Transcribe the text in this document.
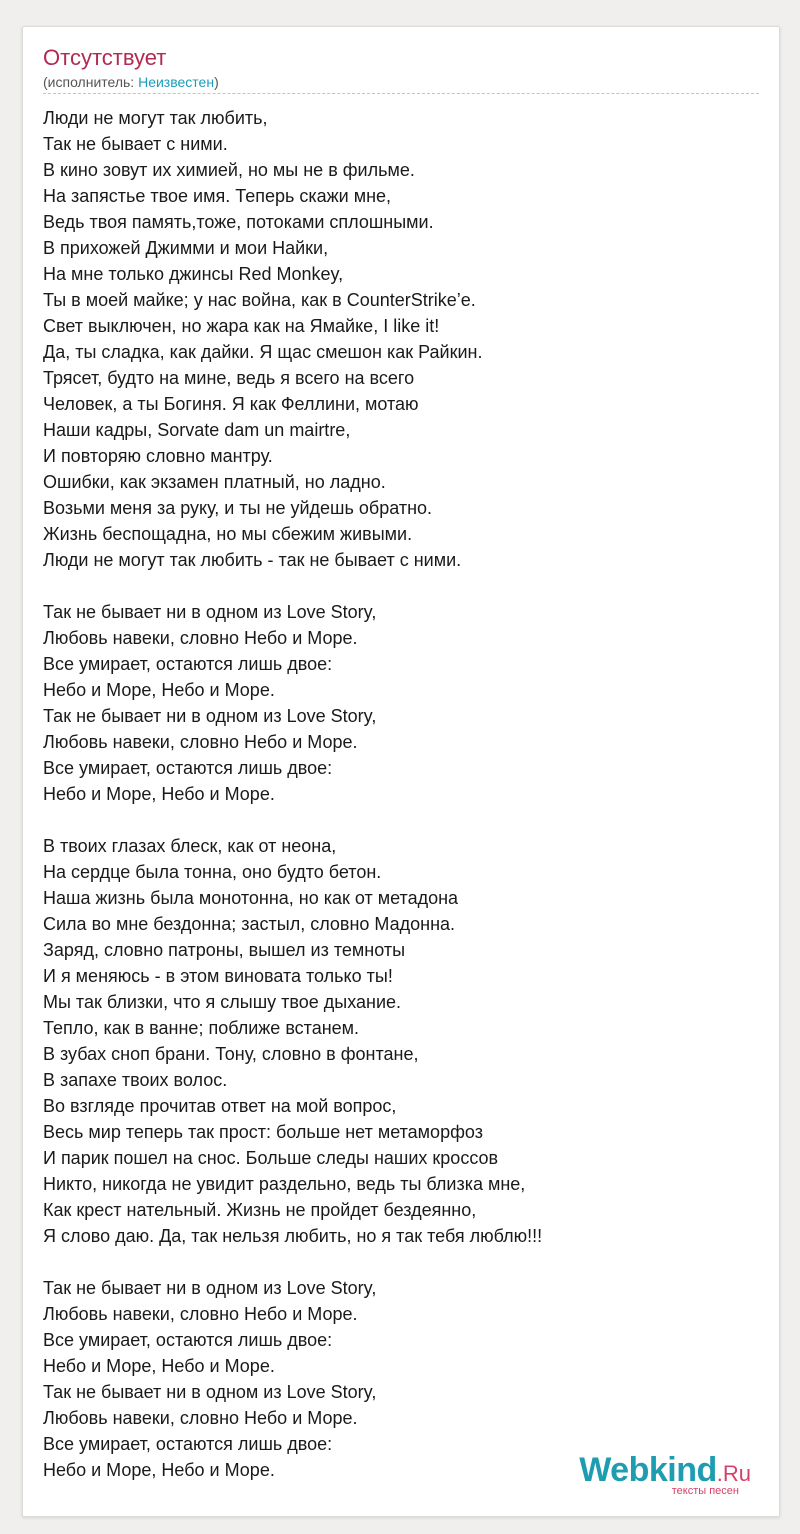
Отсутствует
(исполнитель: Неизвестен)
Люди не могут так любить,
Так не бывает с ними.
В кино зовут их химией, но мы не в фильме.
На запястье твое имя. Теперь скажи мне,
Ведь твоя память,тоже, потоками сплошными.
В прихожей Джимми и мои Найки,
На мне только джинсы Red Monkey,
Ты в моей майке; у нас война, как в CounterStrike’е.
Свет выключен, но жара как на Ямайке, I like it!
Да, ты сладка, как дайки. Я щас смешон как Райкин.
Трясет, будто на мине, ведь я всего на всего
Человек, а ты Богиня. Я как Феллини, мотаю
Наши кадры, Sorvate dam un mairtre,
И повторяю словно мантру.
Ошибки, как экзамен платный, но ладно.
Возьми меня за руку, и ты не уйдешь обратно.
Жизнь беспощадна, но мы сбежим живыми.
Люди не могут так любить - так не бывает с ними.
Так не бывает ни в одном из Love Story,
Любовь навеки, словно Небо и Море.
Все умирает, остаются лишь двое:
Небо и Море, Небо и Море.
Так не бывает ни в одном из Love Story,
Любовь навеки, словно Небо и Море.
Все умирает, остаются лишь двое:
Небо и Море, Небо и Море.
В твоих глазах блеск, как от неона,
На сердце была тонна, оно будто бетон.
Наша жизнь была монотонна, но как от метадона
Сила во мне бездонна; застыл, словно Мадонна.
Заряд, словно патроны, вышел из темноты
И я меняюсь - в этом виновата только ты!
Мы так близки, что я слышу твое дыхание.
Тепло, как в ванне; поближе встанем.
В зубах сноп брани. Тону, словно в фонтане,
В запахе твоих волос.
Во взгляде прочитав ответ на мой вопрос,
Весь мир теперь так прост: больше нет метаморфоз
И парик пошел на снос. Больше следы наших кроссов
Никто, никогда не увидит раздельно, ведь ты близка мне,
Как крест нательный. Жизнь не пройдет бездеянно,
Я слово даю. Да, так нельзя любить, но я так тебя люблю!!!
Так не бывает ни в одном из Love Story,
Любовь навеки, словно Небо и Море.
Все умирает, остаются лишь двое:
Небо и Море, Небо и Море.
Так не бывает ни в одном из Love Story,
Любовь навеки, словно Небо и Море.
Все умирает, остаются лишь двое:
Небо и Море, Небо и Море.	Webkind.Ru
тексты песен
